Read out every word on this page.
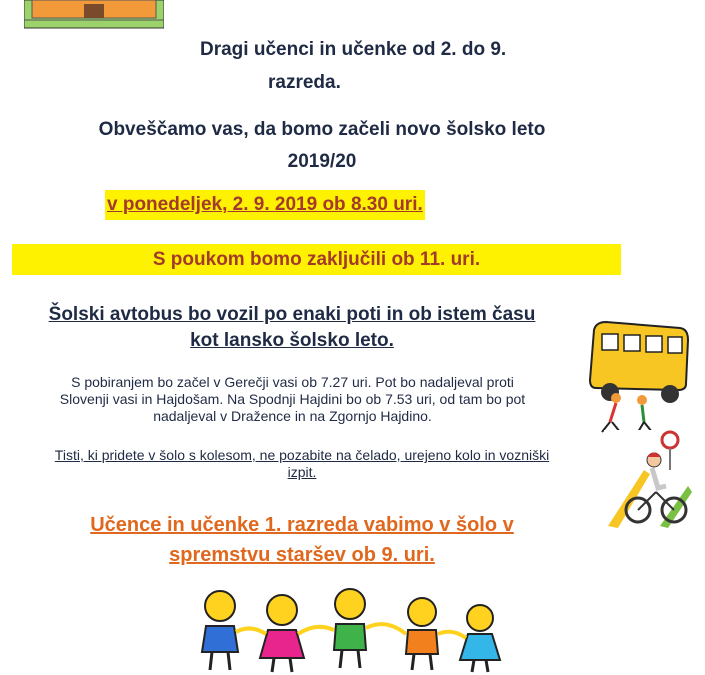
Dragi učenci in učenke od 2. do 9.
razreda.
Obveščamo vas, da bomo začeli novo šolsko leto
2019/20
v ponedeljek, 2. 9. 2019 ob 8.30 uri.
S poukom bomo zaključili ob 11. uri.
Šolski avtobus bo vozil po enaki poti in ob istem času
kot lansko šolsko leto.
S pobiranjem bo začel v Gerečji vasi ob 7.27 uri. Pot bo nadaljeval proti
Slovenji vasi in Hajdošam. Na Spodnji Hajdini bo ob 7.53 uri, od tam bo pot
nadaljeval v Dražence in na Zgornjo Hajdino.
Tisti, ki pridete v šolo s kolesom, ne pozabite na čelado, urejeno kolo in vozniški
izpit.
Učence in učenke 1. razreda vabimo v šolo v
spremstvu staršev ob 9. uri.
